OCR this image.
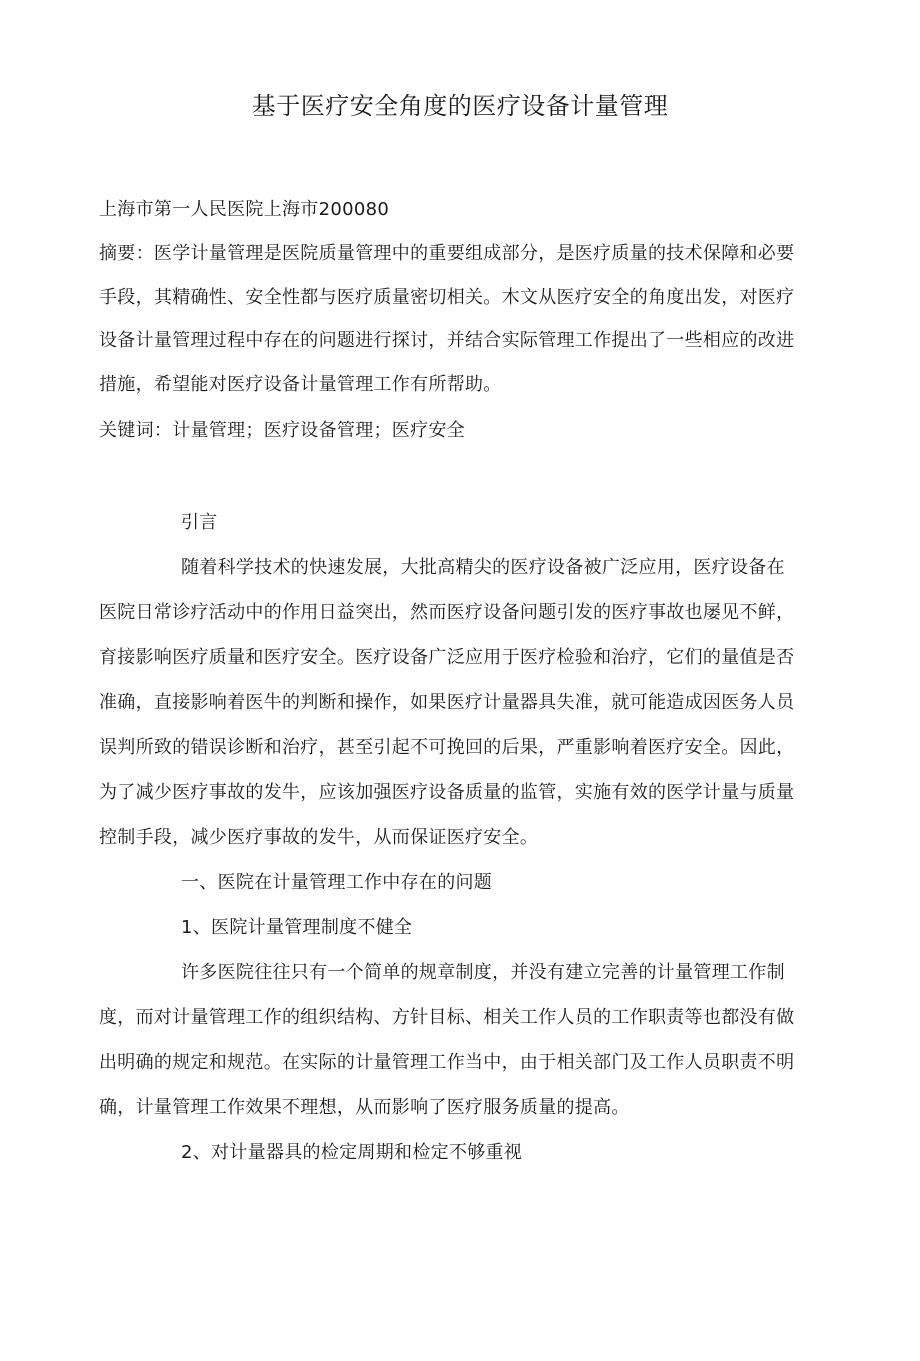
基于医疗安全角度的医疗设备计量管理

上海市第一人民医院上海市200080

摘要：医学计量管理是医院质量管理中的重要组成部分，是医疗质量的技术保障和必要手段，其精确性、安全性都与医疗质量密切相关。木文从医疗安全的角度出发，对医疗设备计量管理过程中存在的问题进行探讨，并结合实际管理工作提出了一些相应的改进措施，希望能对医疗设备计量管理工作有所帮助。

关键词：计量管理；医疗设备管理；医疗安全

引言

随着科学技术的快速发展，大批高精尖的医疗设备被广泛应用，医疗设备在医院日常诊疗活动中的作用日益突出，然而医疗设备问题引发的医疗事故也屡见不鲜，育接影响医疗质量和医疗安全。医疗设备广泛应用于医疗检验和治疗，它们的量值是否准确，直接影响着医牛的判断和操作，如果医疗计量器具失准，就可能造成因医务人员误判所致的错误诊断和治疗，甚至引起不可挽回的后果，严重影响着医疗安全。因此，为了减少医疗事故的发牛，应该加强医疗设备质量的监管，实施有效的医学计量与质量控制手段，减少医疗事故的发牛，从而保证医疗安全。

一、医院在计量管理工作中存在的问题

1、医院计量管理制度不健全

许多医院往往只有一个简单的规章制度，并没有建立完善的计量管理工作制度，而对计量管理工作的组织结构、方针目标、相关工作人员的工作职责等也都没有做出明确的规定和规范。在实际的计量管理工作当中，由于相关部门及工作人员职责不明确，计量管理工作效果不理想，从而影响了医疗服务质量的提高。

2、对计量器具的检定周期和检定不够重视
